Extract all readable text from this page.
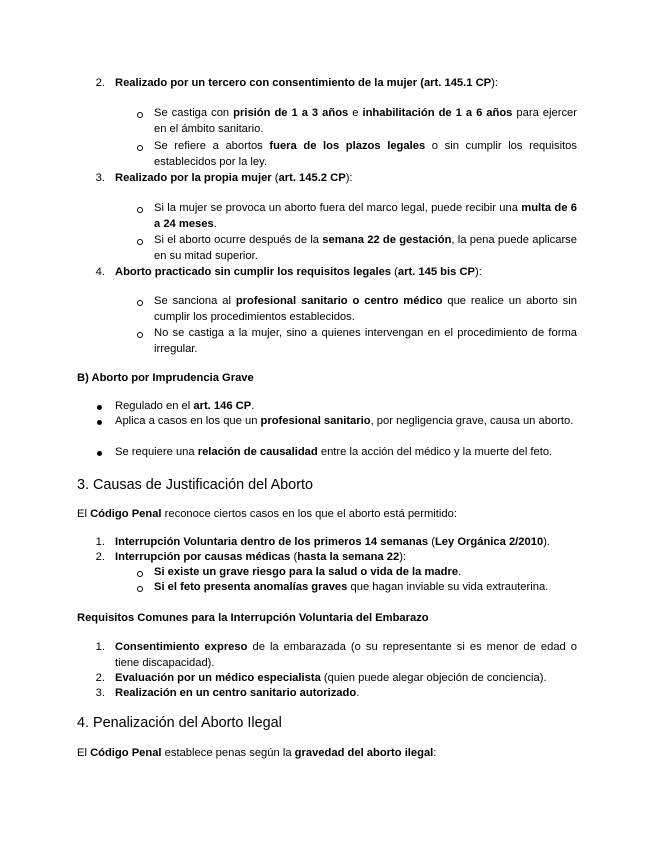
2. Realizado por un tercero con consentimiento de la mujer (art. 145.1 CP):
Se castiga con prisión de 1 a 3 años e inhabilitación de 1 a 6 años para ejercer en el ámbito sanitario.
Se refiere a abortos fuera de los plazos legales o sin cumplir los requisitos establecidos por la ley.
3. Realizado por la propia mujer (art. 145.2 CP):
Si la mujer se provoca un aborto fuera del marco legal, puede recibir una multa de 6 a 24 meses.
Si el aborto ocurre después de la semana 22 de gestación, la pena puede aplicarse en su mitad superior.
4. Aborto practicado sin cumplir los requisitos legales (art. 145 bis CP):
Se sanciona al profesional sanitario o centro médico que realice un aborto sin cumplir los procedimientos establecidos.
No se castiga a la mujer, sino a quienes intervengan en el procedimiento de forma irregular.
B) Aborto por Imprudencia Grave
Regulado en el art. 146 CP.
Aplica a casos en los que un profesional sanitario, por negligencia grave, causa un aborto.
Se requiere una relación de causalidad entre la acción del médico y la muerte del feto.
3. Causas de Justificación del Aborto
El Código Penal reconoce ciertos casos en los que el aborto está permitido:
1. Interrupción Voluntaria dentro de los primeros 14 semanas (Ley Orgánica 2/2010).
2. Interrupción por causas médicas (hasta la semana 22):
Si existe un grave riesgo para la salud o vida de la madre.
Si el feto presenta anomalías graves que hagan inviable su vida extrauterina.
Requisitos Comunes para la Interrupción Voluntaria del Embarazo
1. Consentimiento expreso de la embarazada (o su representante si es menor de edad o tiene discapacidad).
2. Evaluación por un médico especialista (quien puede alegar objeción de conciencia).
3. Realización en un centro sanitario autorizado.
4. Penalización del Aborto Ilegal
El Código Penal establece penas según la gravedad del aborto ilegal:
